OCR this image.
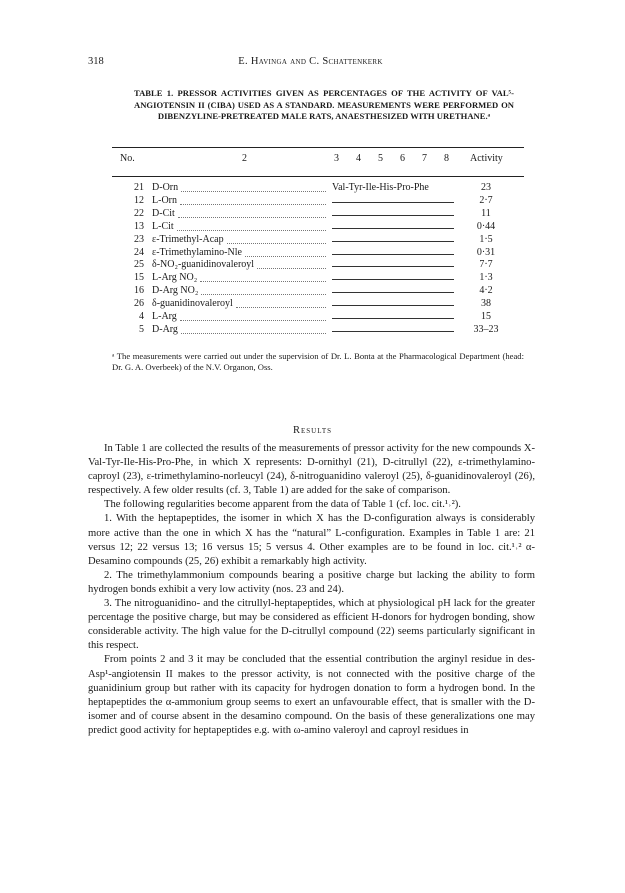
318	E. Havinga and C. Schattenkerk
TABLE 1. PRESSOR ACTIVITIES GIVEN AS PERCENTAGES OF THE ACTIVITY OF VAL⁵-ANGIOTENSIN II (CIBA) USED AS A STANDARD. MEASUREMENTS WERE PERFORMED ON DIBENZYLINE-PRETREATED MALE RATS, ANAESTHESIZED WITH URETHANE.ᵃ
No.	2	3 4 5 6 7 8 Activity
21 D-Orn	Val-Tyr-Ile-His-Pro-Phe	23
12 L-Orn	2·7
22 D-Cit	11
13 L-Cit	0·44
23 ε-Trimethyl-Acap	1·5
24 ε-Trimethylamino-Nle	0·31
25 δ-NO₂-guanidinovaleroyl	7·7
15 L-Arg NO₂	1·3
16 D-Arg NO₂	4·2
26 δ-guanidinovaleroyl	38
4 L-Arg	15
5 D-Arg	33–23
ᵃ The measurements were carried out under the supervision of Dr. L. Bonta at the Pharmacological Department (head: Dr. G. A. Overbeek) of the N.V. Organon, Oss.
Results

In Table 1 are collected the results of the measurements of pressor activity for the new compounds X-Val-Tyr-Ile-His-Pro-Phe, in which X represents: D-ornithyl (21), D-citrullyl (22), ε-trimethylamino-caproyl (23), ε-trimethylamino-norleucyl (24), δ-nitroguanidino valeroyl (25), δ-guanidinovaleroyl (26), respectively. A few older results (cf. 3, Table 1) are added for the sake of comparison.

The following regularities become apparent from the data of Table 1 (cf. loc. cit.¹˒²).

1. With the heptapeptides, the isomer in which X has the D-configuration always is considerably more active than the one in which X has the “natural” L-configuration. Examples in Table 1 are: 21 versus 12; 22 versus 13; 16 versus 15; 5 versus 4. Other examples are to be found in loc. cit.¹˒² α-Desamino compounds (25, 26) exhibit a remarkably high activity.

2. The trimethylammonium compounds bearing a positive charge but lacking the ability to form hydrogen bonds exhibit a very low activity (nos. 23 and 24).

3. The nitroguanidino- and the citrullyl-heptapeptides, which at physiological pH lack for the greater percentage the positive charge, but may be considered as efficient H-donors for hydrogen bonding, show considerable activity. The high value for the D-citrullyl compound (22) seems particularly significant in this respect.

From points 2 and 3 it may be concluded that the essential contribution the arginyl residue in des-Asp¹-angiotensin II makes to the pressor activity, is not connected with the positive charge of the guanidinium group but rather with its capacity for hydrogen donation to form a hydrogen bond. In the heptapeptides the α-ammonium group seems to exert an unfavourable effect, that is smaller with the D-isomer and of course absent in the desamino compound. On the basis of these generalizations one may predict good activity for heptapeptides e.g. with ω-amino valeroyl and caproyl residues in
